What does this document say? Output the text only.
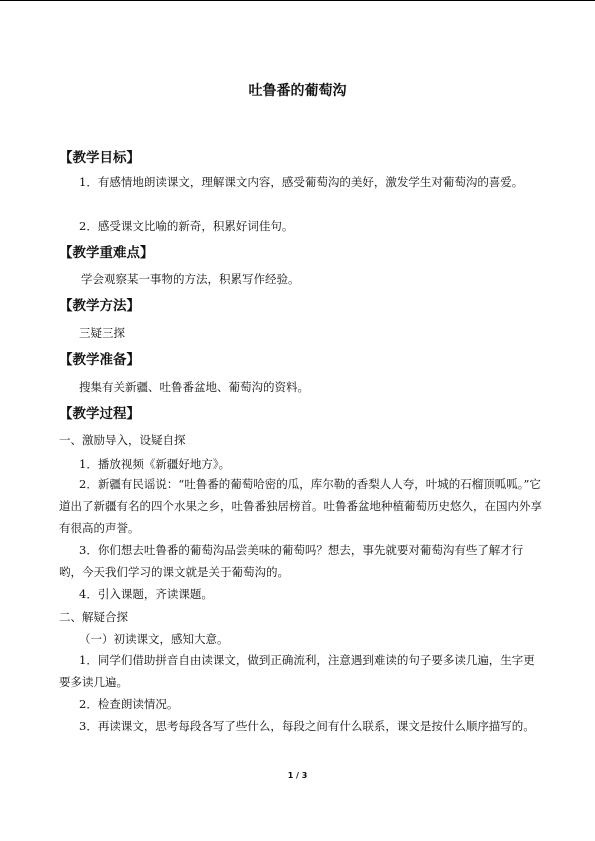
吐鲁番的葡萄沟
【教学目标】
1．有感情地朗读课文，理解课文内容，感受葡萄沟的美好，激发学生对葡萄沟的喜爱。
2．感受课文比喻的新奇，积累好词佳句。
【教学重难点】
学会观察某一事物的方法，积累写作经验。
【教学方法】
三疑三探
【教学准备】
搜集有关新疆、吐鲁番盆地、葡萄沟的资料。
【教学过程】
一、激励导入，设疑自探
1．播放视频《新疆好地方》。
2．新疆有民谣说：“吐鲁番的葡萄哈密的瓜，库尔勒的香梨人人夸，叶城的石榴顶呱呱。”它道出了新疆有名的四个水果之乡，吐鲁番独居榜首。吐鲁番盆地种植葡萄历史悠久，在国内外享有很高的声誉。
3．你们想去吐鲁番的葡萄沟品尝美味的葡萄吗？想去，事先就要对葡萄沟有些了解才行哟，今天我们学习的课文就是关于葡萄沟的。
4．引入课题，齐读课题。
二、解疑合探
（一）初读课文，感知大意。
1．同学们借助拼音自由读课文，做到正确流利，注意遇到难读的句子要多读几遍，生字更要多读几遍。
2．检查朗读情况。
3．再读课文，思考每段各写了些什么，每段之间有什么联系，课文是按什么顺序描写的。
1 / 3
